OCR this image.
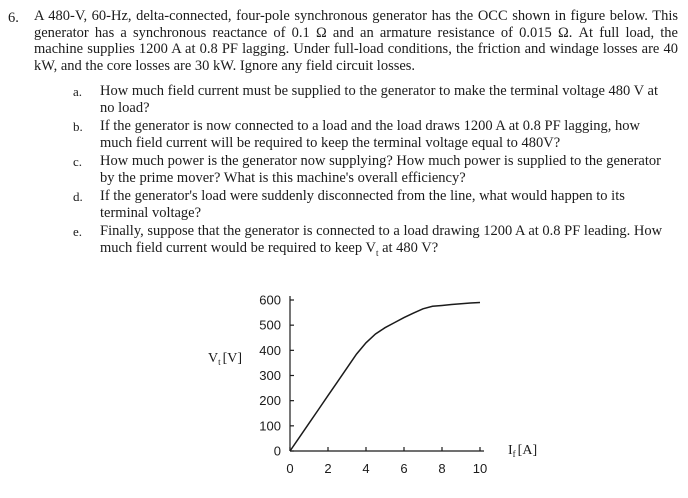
6. A 480-V, 60-Hz, delta-connected, four-pole synchronous generator has the OCC shown in figure below. This generator has a synchronous reactance of 0.1 Ω and an armature resistance of 0.015 Ω. At full load, the machine supplies 1200 A at 0.8 PF lagging. Under full-load conditions, the friction and windage losses are 40 kW, and the core losses are 30 kW. Ignore any field circuit losses.
a. How much field current must be supplied to the generator to make the terminal voltage 480 V at no load?
b. If the generator is now connected to a load and the load draws 1200 A at 0.8 PF lagging, how much field current will be required to keep the terminal voltage equal to 480V?
c. How much power is the generator now supplying? How much power is supplied to the generator by the prime mover? What is this machine's overall efficiency?
d. If the generator's load were suddenly disconnected from the line, what would happen to its terminal voltage?
e. Finally, suppose that the generator is connected to a load drawing 1200 A at 0.8 PF leading. How much field current would be required to keep $V_t$ at 480 V?
0
100
200
300
400
500
600
0 2 4 6 8 10
$V_t$ [V]
$I_f$ [A]
